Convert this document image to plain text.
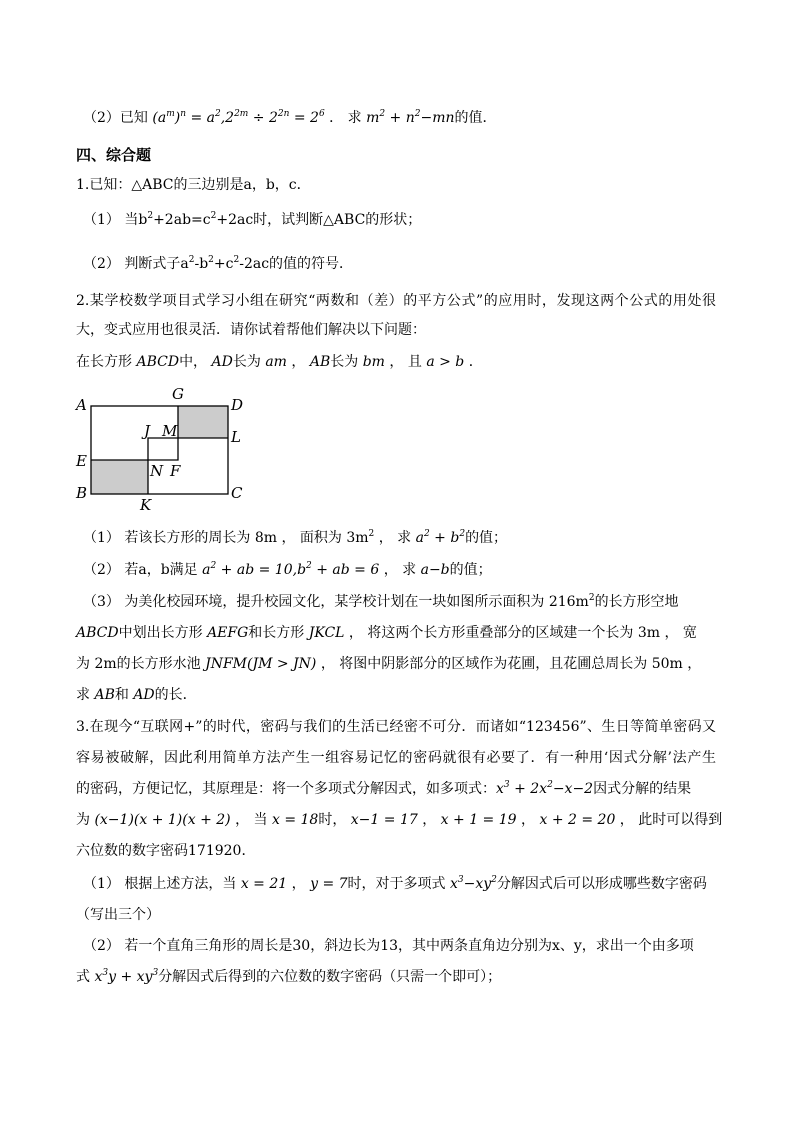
（2）已知 $(a^m)^n = a^2,2^{2m} \div 2^{2n} = 2^6$ ． 求 $m^2 + n^2-mn$的值．
四、综合题
1.已知：△ABC的三边别是a，b，c．
（1） 当$b^2+2ab=c^2+2ac$时，试判断△ABC的形状；
（2） 判断式子$a^2-b^2+c^2-2ac$的值的符号．
2.某学校数学项目式学习小组在研究“两数和（差）的平方公式”的应用时，发现这两个公式的用处很
大，变式应用也很灵活．请你试着帮他们解决以下问题：
在长方形 ABCD中， AD长为 am ， AB长为 bm ， 且 a > b ．
A
G
D
J M	L
E
N F
B
K
C
（1） 若该长方形的周长为 8m ， 面积为 $3m^2$ ， 求 $a^2 + b^2$的值；
（2） 若a，b满足 $a^2$ + ab = $10,b^2$ + ab = 6 ， 求 a−b的值；
（3） 为美化校园环境，提升校园文化，某学校计划在一块如图所示面积为 $216m^2$的长方形空地
ABCD中划出长方形 AEFG和长方形 JKCL ， 将这两个长方形重叠部分的区域建一个长为 3m ， 宽
为 2m的长方形水池 JNFM(JM > JN) ， 将图中阴影部分的区域作为花圃，且花圃总周长为 50m ，
求 AB和 AD的长．
3.在现今“互联网+”的时代，密码与我们的生活已经密不可分．而诸如“123456”、生日等简单密码又
容易被破解，因此利用简单方法产生一组容易记忆的密码就很有必要了．有一种用‘因式分解’法产生
的密码，方便记忆，其原理是：将一个多项式分解因式，如多项式：$x^3 + 2x^2-x-2$因式分解的结果
为 (x−1)(x + 1)(x + 2) ， 当 x = 18时， x−1 = 17 ， x + 1 = 19 ， x + 2 = 20 ， 此时可以得到
六位数的数字密码171920．
（1） 根据上述方法，当 x = 21 ， y = 7时，对于多项式 $x^3-xy^2$分解因式后可以形成哪些数字密码
（写出三个）
（2） 若一个直角三角形的周长是30，斜边长为13，其中两条直角边分别为x、y，求出一个由多项
式 $x^3y + xy^3$分解因式后得到的六位数的数字密码（只需一个即可）；
